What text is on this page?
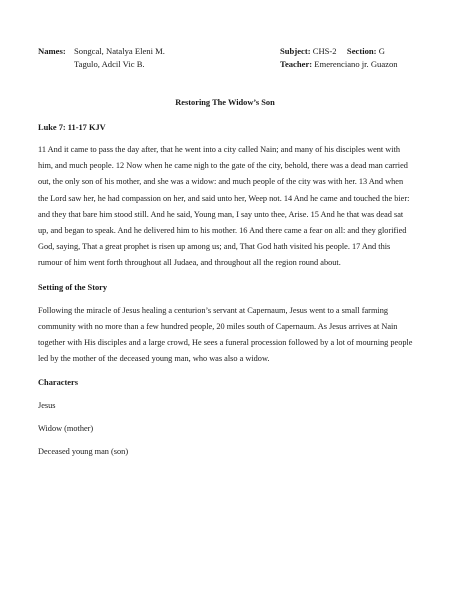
Names: Songcal, Natalya Eleni M.
Tagulo, Adcil Vic B.
Subject: CHS-2 Section: G
Teacher: Emerenciano jr. Guazon
Restoring The Widow’s Son

Luke 7: 11-17 KJV

11 And it came to pass the day after, that he went into a city called Nain; and many of his disciples went with him, and much people. 12 Now when he came nigh to the gate of the city, behold, there was a dead man carried out, the only son of his mother, and she was a widow: and much people of the city was with her. 13 And when the Lord saw her, he had compassion on her, and said unto her, Weep not. 14 And he came and touched the bier: and they that bare him stood still. And he said, Young man, I say unto thee, Arise. 15 And he that was dead sat up, and began to speak. And he delivered him to his mother. 16 And there came a fear on all: and they glorified God, saying, That a great prophet is risen up among us; and, That God hath visited his people. 17 And this rumour of him went forth throughout all Judaea, and throughout all the region round about.

Setting of the Story

Following the miracle of Jesus healing a centurion’s servant at Capernaum, Jesus went to a small farming community with no more than a few hundred people, 20 miles south of Capernaum. As Jesus arrives at Nain together with His disciples and a large crowd, He sees a funeral procession followed by a lot of mourning people led by the mother of the deceased young man, who was also a widow.

Characters

Jesus

Widow (mother)

Deceased young man (son)
